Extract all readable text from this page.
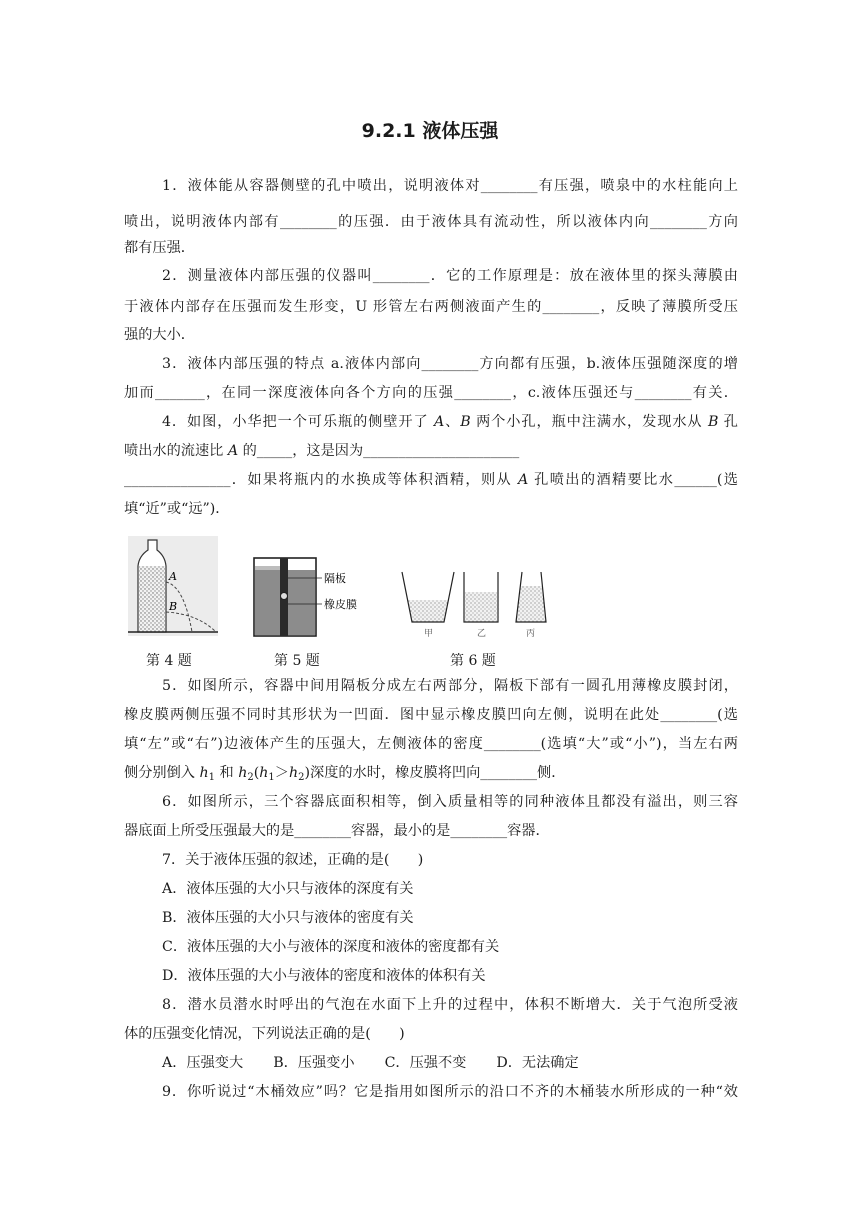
9.2.1 液体压强
1．液体能从容器侧壁的孔中喷出，说明液体对________有压强，喷泉中的水柱能向上
喷出，说明液体内部有________的压强．由于液体具有流动性，所以液体内向________方向
都有压强．
2．测量液体内部压强的仪器叫________．它的工作原理是：放在液体里的探头薄膜由
于液体内部存在压强而发生形变，U 形管左右两侧液面产生的________，反映了薄膜所受压
强的大小．
3．液体内部压强的特点 a.液体内部向________方向都有压强，b.液体压强随深度的增
加而_______，在同一深度液体向各个方向的压强________，c.液体压强还与________有关．
4．如图，小华把一个可乐瓶的侧壁开了 A、B 两个小孔，瓶中注满水，发现水从 B 孔
喷出水的流速比 A 的_____，这是因为______________________
_______________．如果将瓶内的水换成等体积酒精，则从 A 孔喷出的酒精要比水______(选
填“近”或“远”)．
A
B
隔板
橡皮膜
甲	乙	丙
第 4 题	第 5 题	第 6 题
5．如图所示，容器中间用隔板分成左右两部分，隔板下部有一圆孔用薄橡皮膜封闭，
橡皮膜两侧压强不同时其形状为一凹面．图中显示橡皮膜凹向左侧，说明在此处________(选
填“左”或“右”)边液体产生的压强大，左侧液体的密度________(选填“大”或“小”)，当左右两
侧分别倒入 $h_1$ 和 $h_2(h_1>h_2)$深度的水时，橡皮膜将凹向________侧．
6．如图所示，三个容器底面积相等，倒入质量相等的同种液体且都没有溢出，则三容
器底面上所受压强最大的是________容器，最小的是________容器．
7．关于液体压强的叙述，正确的是(　　)
A．液体压强的大小只与液体的深度有关
B．液体压强的大小只与液体的密度有关
C．液体压强的大小与液体的深度和液体的密度都有关
D．液体压强的大小与液体的密度和液体的体积有关
8．潜水员潜水时呼出的气泡在水面下上升的过程中，体积不断增大．关于气泡所受液
体的压强变化情况，下列说法正确的是(　　)
A．压强变大 B．压强变小 C．压强不变 D．无法确定
9．你听说过“木桶效应”吗？它是指用如图所示的沿口不齐的木桶装水所形成的一种“效
